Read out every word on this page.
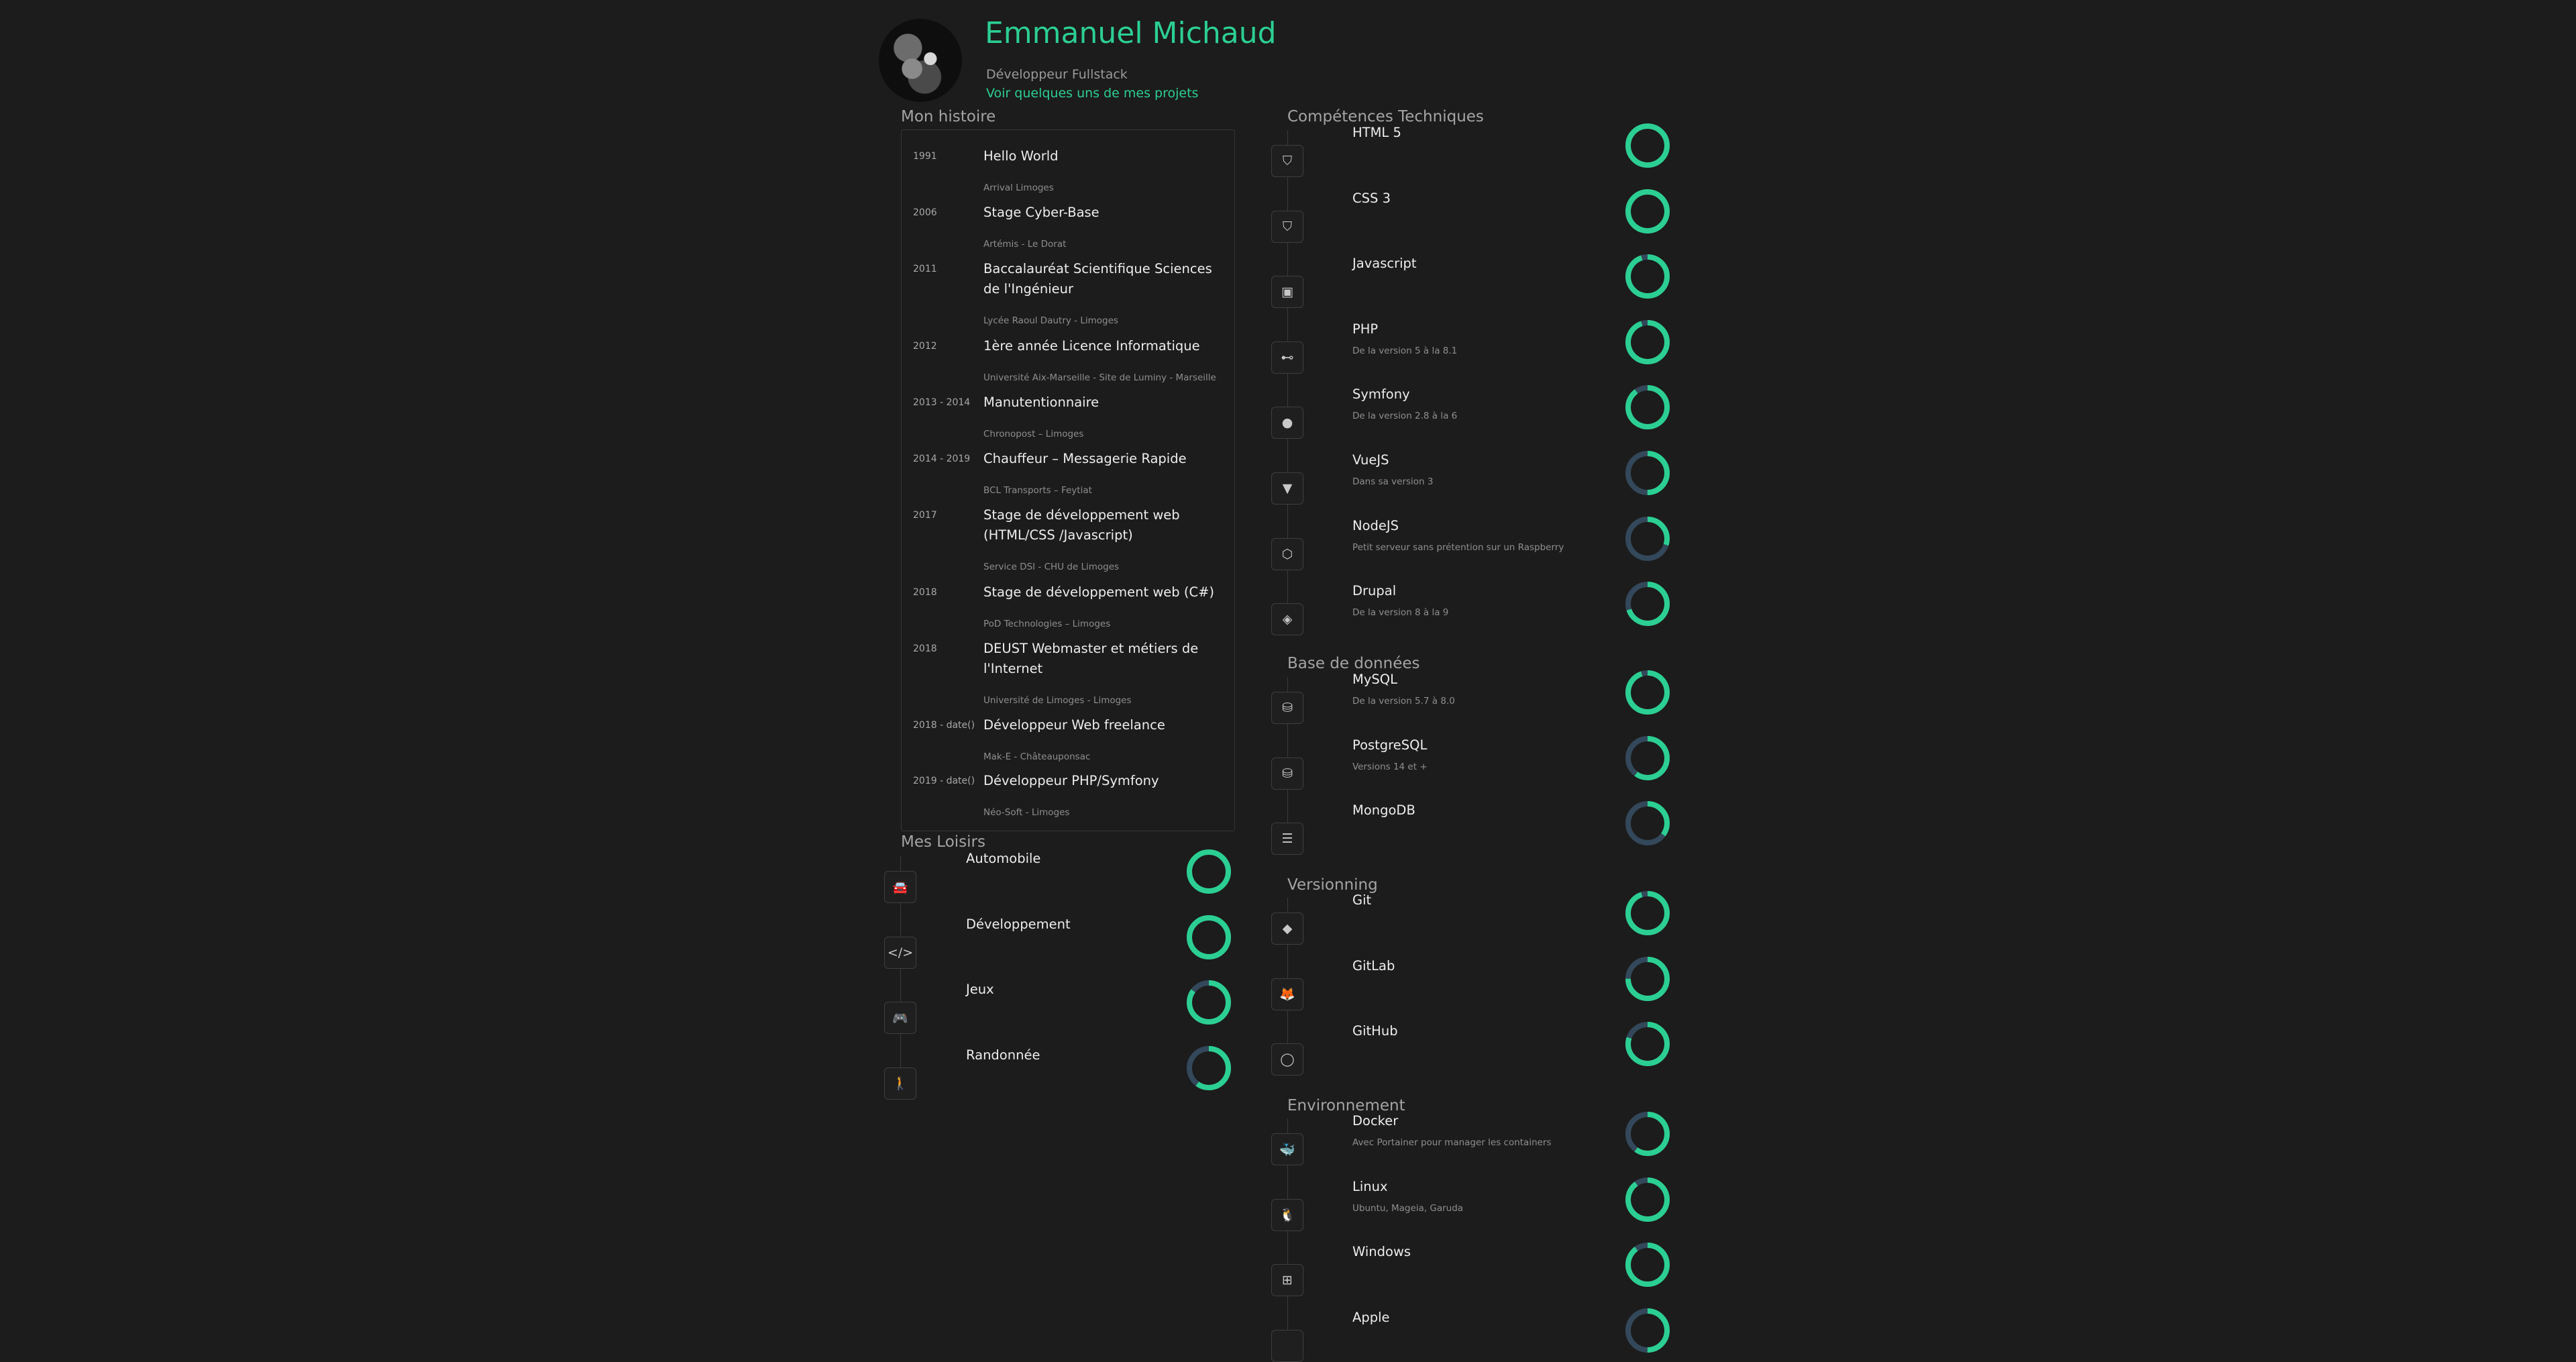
Emmanuel Michaud
Développeur Fullstack
Voir quelques uns de mes projets
Mon histoire
Mes Loisirs
Compétences Techniques
Base de données
Versionning
Environnement
1991	Hello World
Arrival Limoges
2006	Stage Cyber-Base
Artémis - Le Dorat
2011	Baccalauréat Scientifique Sciences de l'Ingénieur
Lycée Raoul Dautry - Limoges
2012	1ère année Licence Informatique
Université Aix-Marseille - Site de Luminy - Marseille
2013 - 2014 Manutentionnaire
Chronopost – Limoges
2014 - 2019 Chauffeur – Messagerie Rapide
BCL Transports – Feytiat
2017	Stage de développement web (HTML/CSS /Javascript)
Service DSI - CHU de Limoges
2018	Stage de développement web (C#)
PoD Technologies – Limoges
2018	DEUST Webmaster et métiers de l'Internet
Université de Limoges - Limoges
2018 - date() Développeur Web freelance
Mak-E - Châteauponsac
2019 - date() Développeur PHP/Symfony
Néo-Soft - Limoges
🚘
Automobile
</>
Développement
🎮
Jeux
🚶
Randonnée
⛉
HTML 5
⛉
CSS 3
▣
Javascript
⊷
PHP
De la version 5 à la 8.1
●
Symfony
De la version 2.8 à la 6
▼
VueJS
Dans sa version 3
⬡
NodeJS
Petit serveur sans prétention sur un Raspberry
◈
Drupal
De la version 8 à la 9
⛁
MySQL
De la version 5.7 à 8.0
⛁
PostgreSQL
Versions 14 et +
☰
MongoDB
◆
Git
🦊
GitLab
◯
GitHub
🐳
Docker
Avec Portainer pour manager les containers
🐧
Linux
Ubuntu, Mageia, Garuda
⊞
Windows
Apple
